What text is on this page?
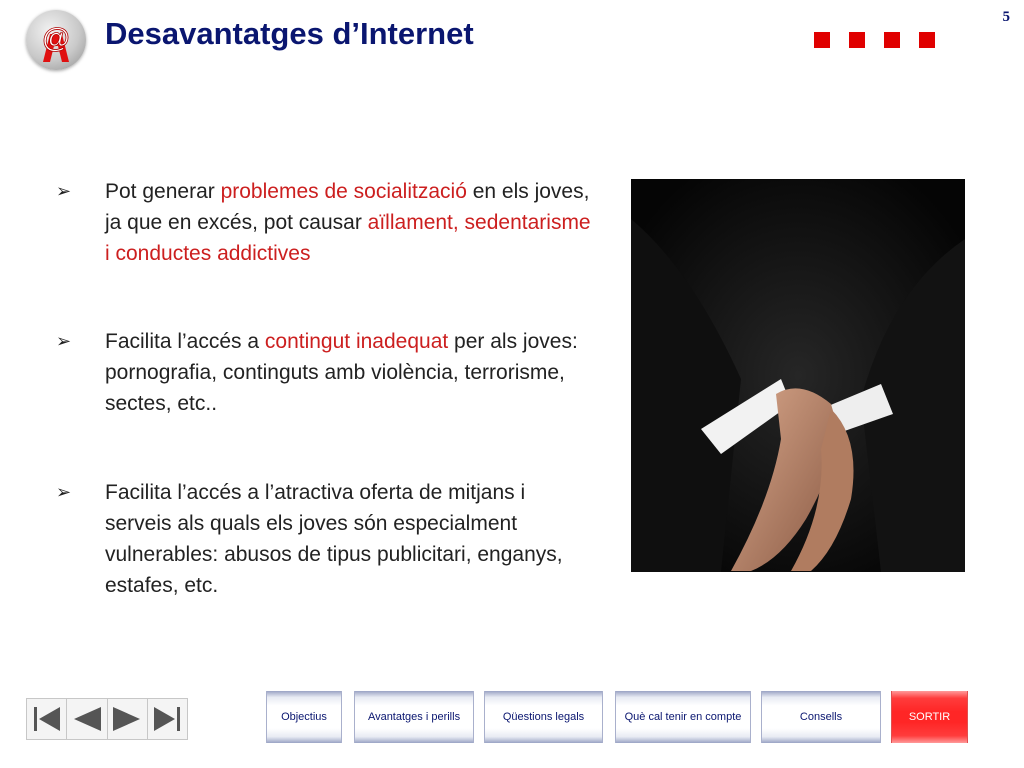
@ Desavantatges d’Internet	5
➢ Pot generar problemes de socialització en els joves, ja que en excés, pot causar aïllament, sedentarisme i conductes addictives
➢ Facilita l’accés a contingut inadequat per als joves: pornografia, continguts amb violència, terrorisme, sectes, etc..
➢ Facilita l’accés a l’atractiva oferta de mitjans i serveis als quals els joves són especialment vulnerables: abusos de tipus publicitari, enganys, estafes, etc.
Objectius	Avantatges i perills	Qüestions legals	Què cal tenir en compte	Consells	SORTIR
